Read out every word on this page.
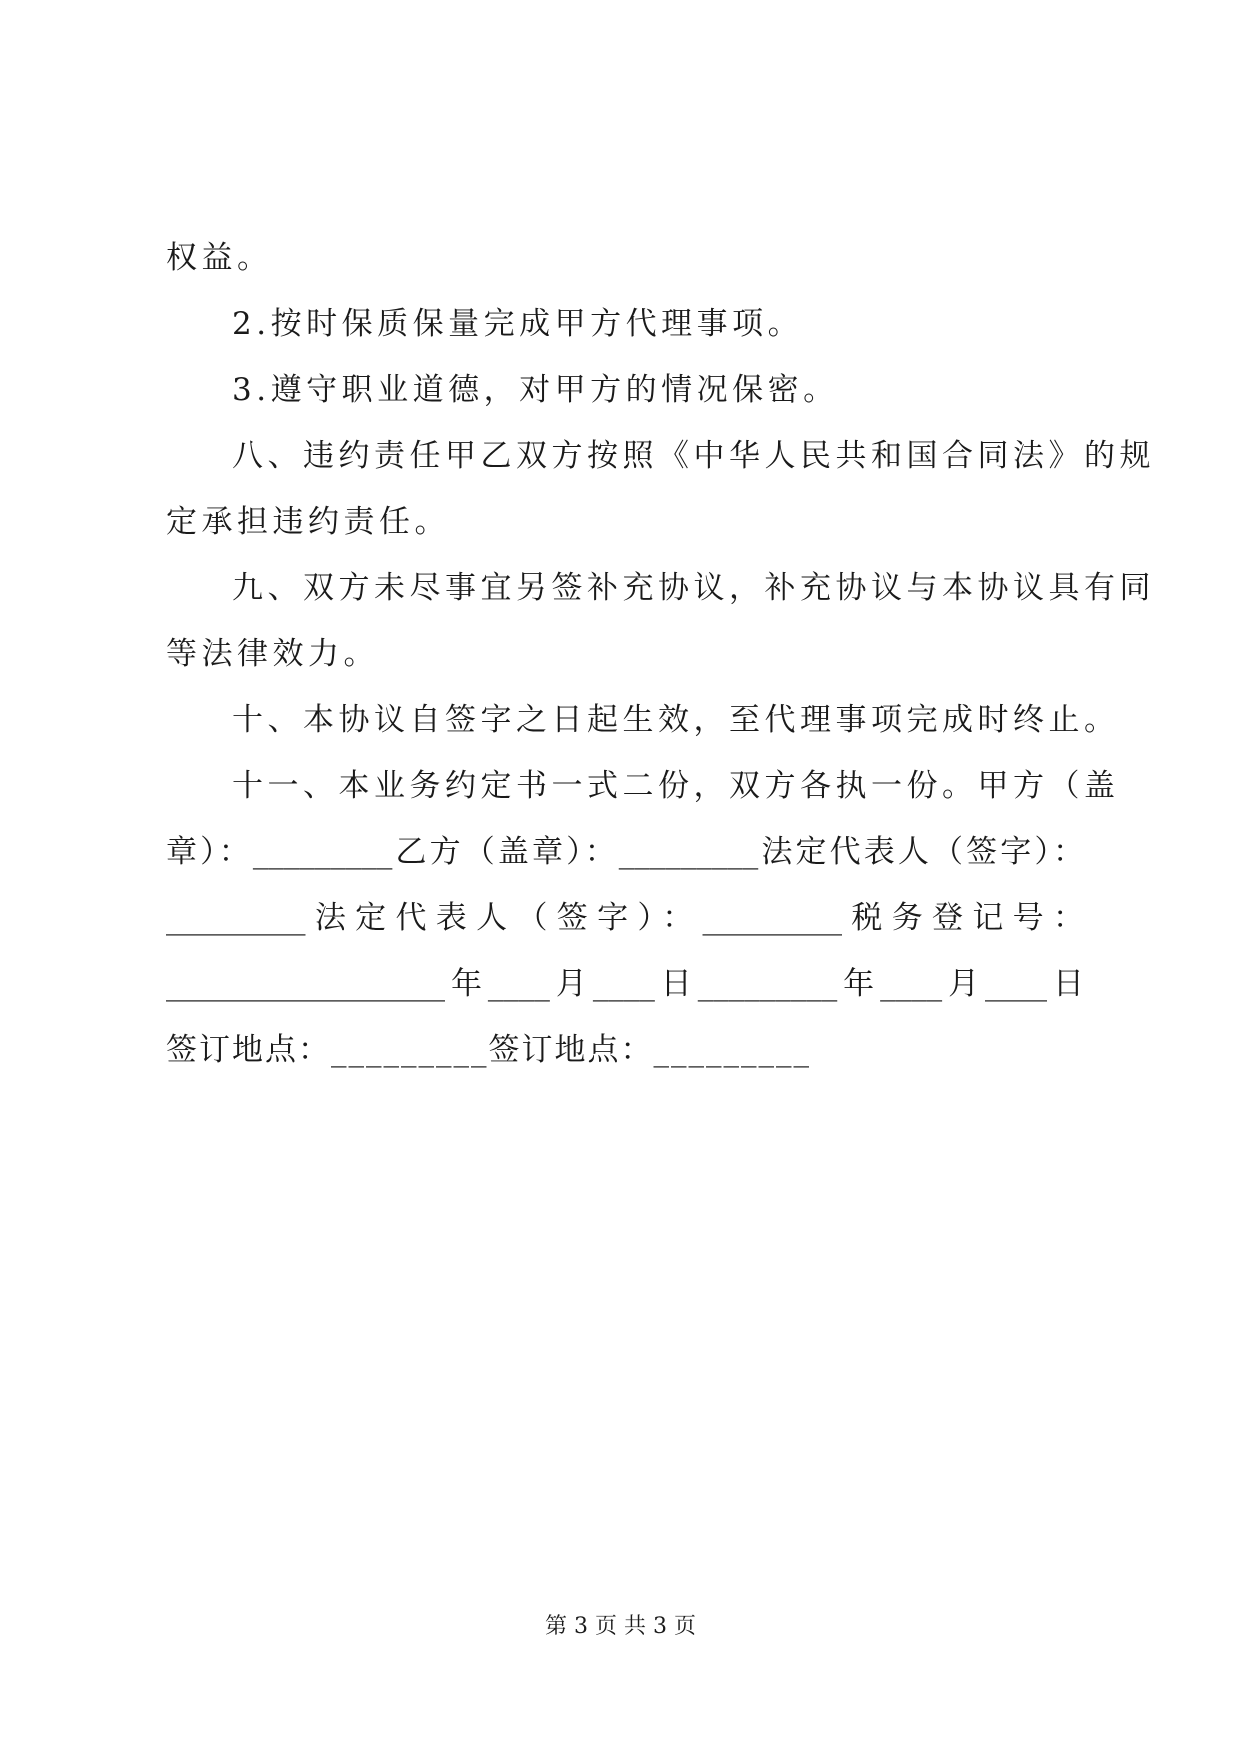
权益。
2.按时保质保量完成甲方代理事项。
3.遵守职业道德，对甲方的情况保密。
八、违约责任甲乙双方按照《中华人民共和国合同法》的规
定承担违约责任。
九、双方未尽事宜另签补充协议，补充协议与本协议具有同
等法律效力。
十、本协议自签字之日起生效，至代理事项完成时终止。
十一、本业务约定书一式二份，双方各执一份。甲方（盖
章）：_________乙方（盖章）：_________法定代表人（签字）：
_________法定代表人（签字）：_________税务登记号：
__________________年____月____日_________年____月____日
签订地点：_________签订地点：_________
第 3 页 共 3 页
